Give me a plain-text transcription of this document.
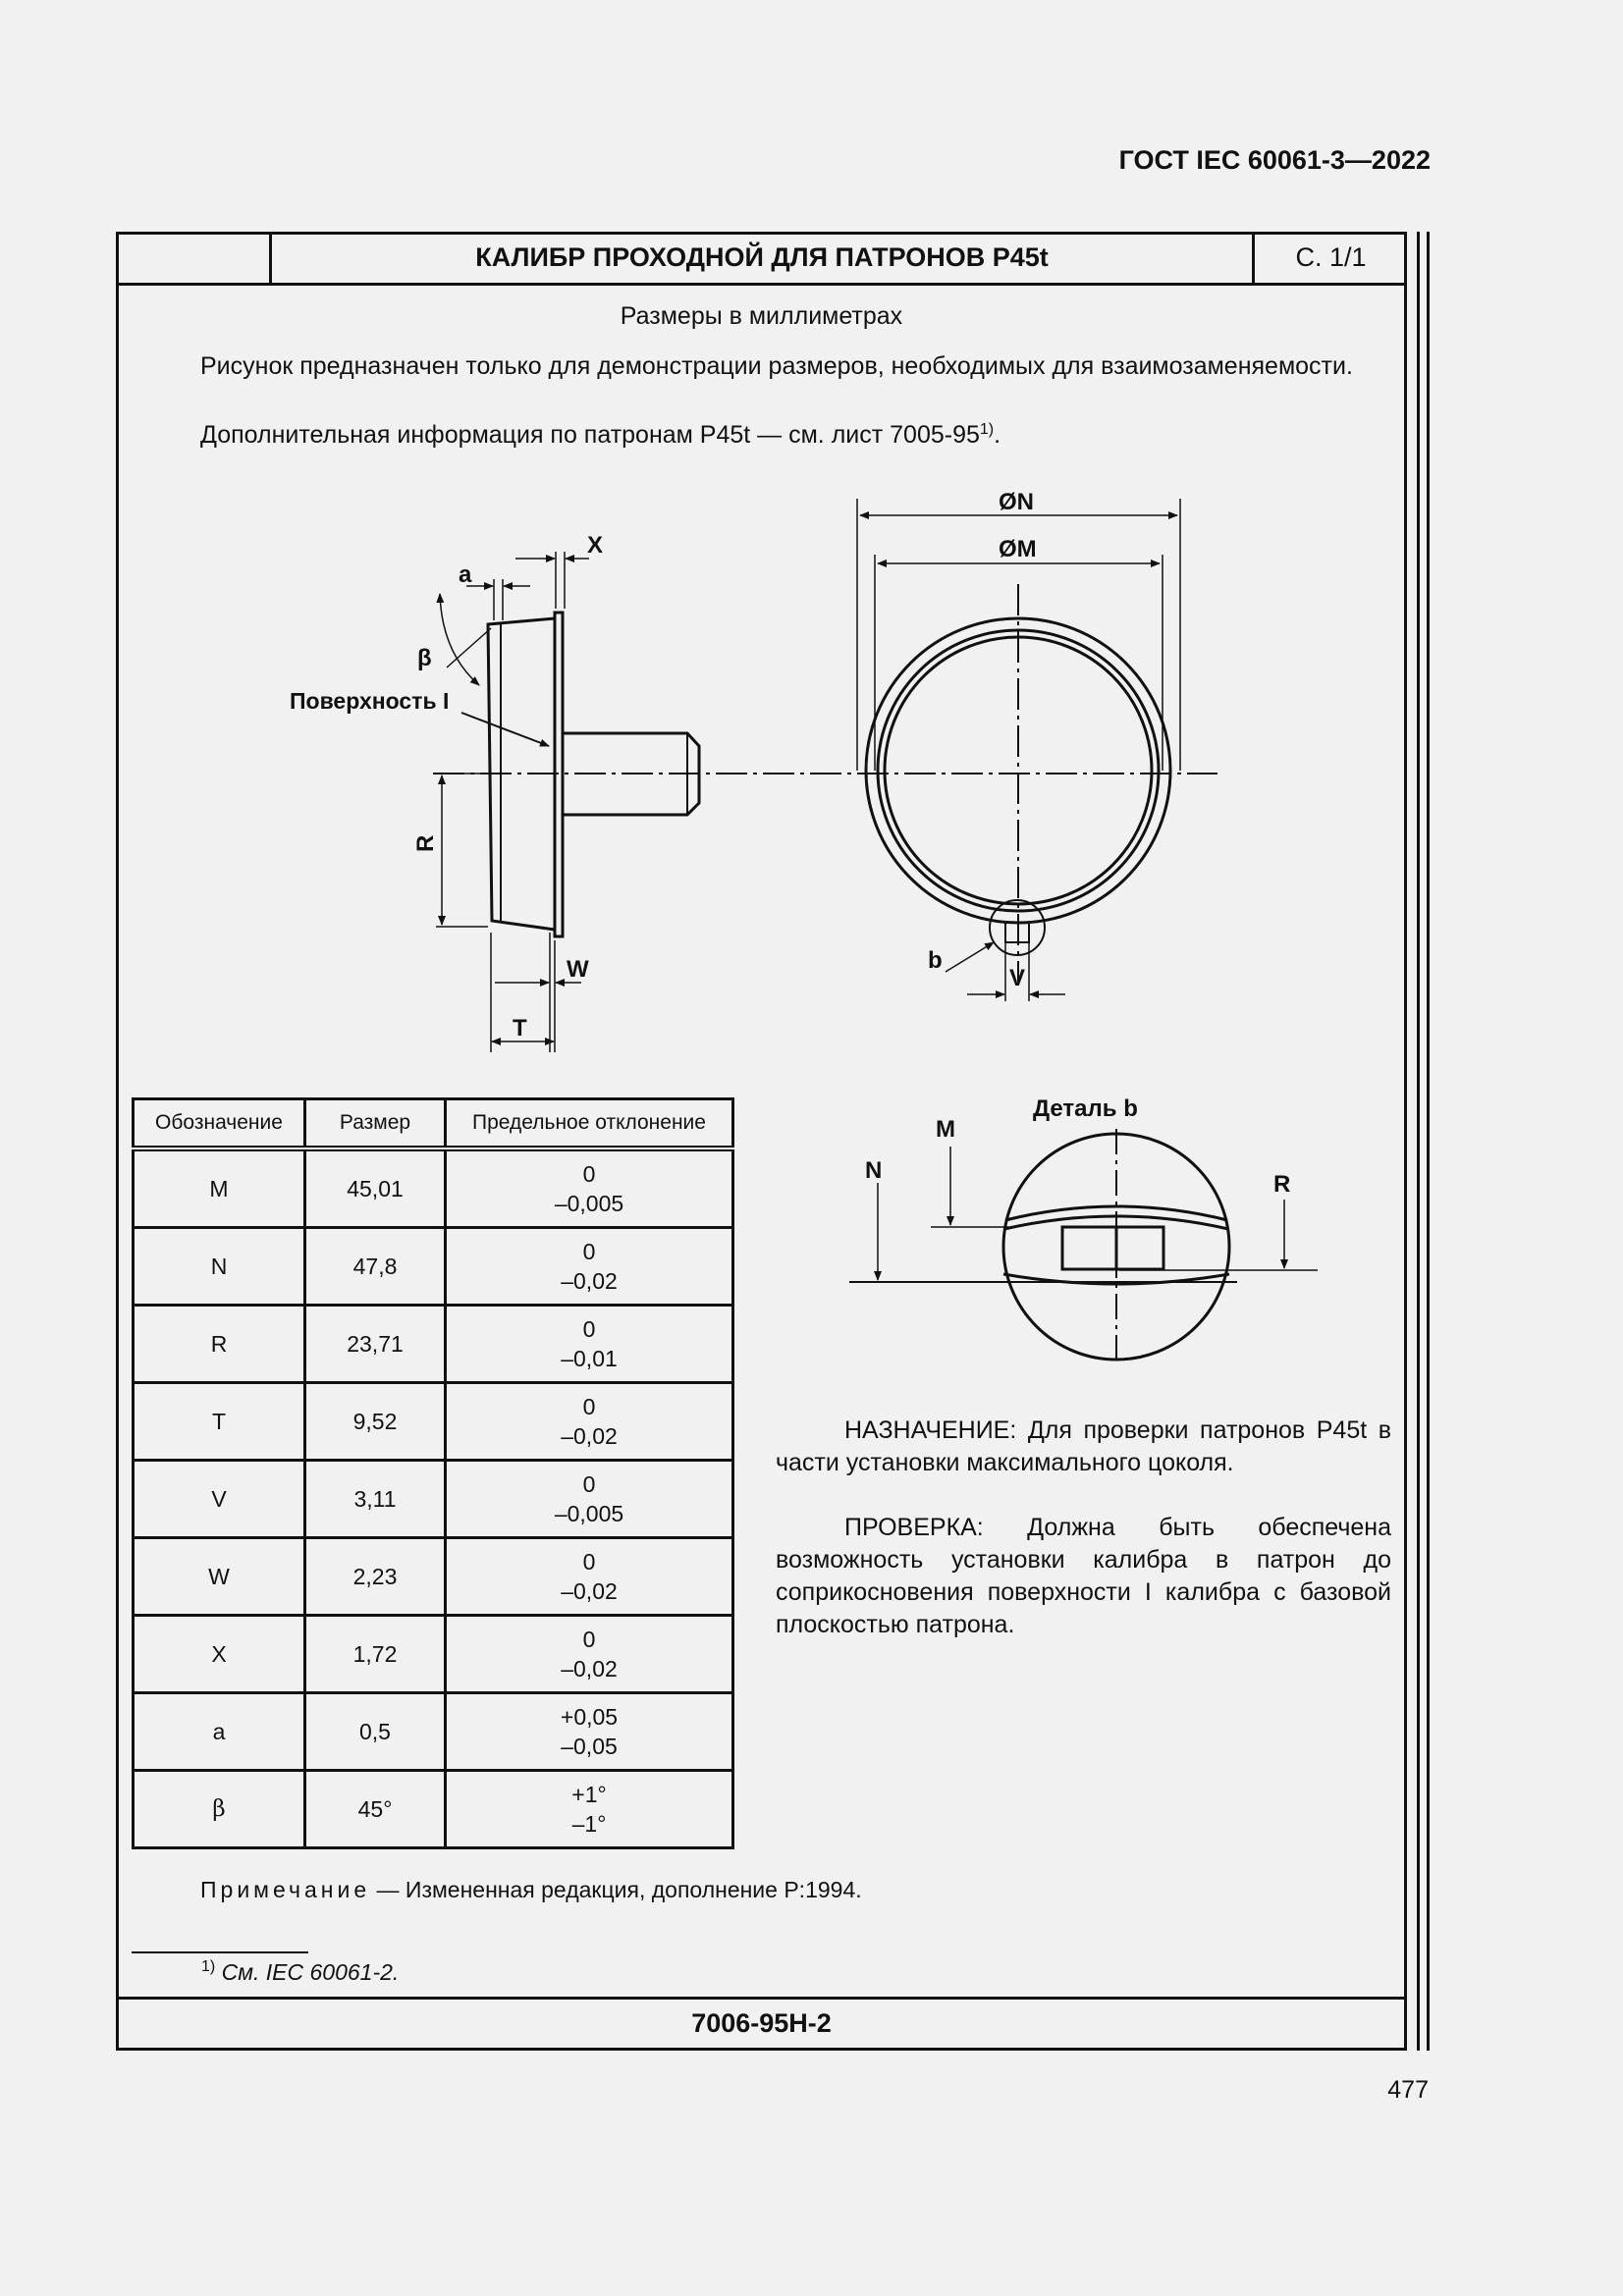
ГОСТ IEC 60061-3—2022
КАЛИБР ПРОХОДНОЙ ДЛЯ ПАТРОНОВ P45t	С. 1/1
Размеры в миллиметрах

Рисунок предназначен только для демонстрации размеров, необходимых для взаимозаменяемости.

Дополнительная информация по патронам P45t — см. лист 7005-95$^{1)}$.

X
a
β
Поверхность I
R
W
T
ØN
ØM
b
V
Деталь b
M
N
R
Обозначение	Размер	Предельное отклонение
M	45,01	0
–0,005

N	47,8	0
–0,02

R	23,71	0
–0,01

T	9,52	0
–0,02

V	3,11	0
–0,005

W	2,23	0
–0,02

X	1,72	0
–0,02

a	0,5	+0,05
–0,05

β	45°	+1°
–1°

НАЗНАЧЕНИЕ: Для проверки патронов P45t в части установки максимального цоколя.

ПРОВЕРКА: Должна быть обеспечена возможность установки калибра в патрон до соприкосновения поверхности I калибра с базовой плоскостью патрона.

Примечание — Измененная редакция, дополнение P:1994.
$^{1)}$ См. IEC 60061-2.
7006-95H-2
477
